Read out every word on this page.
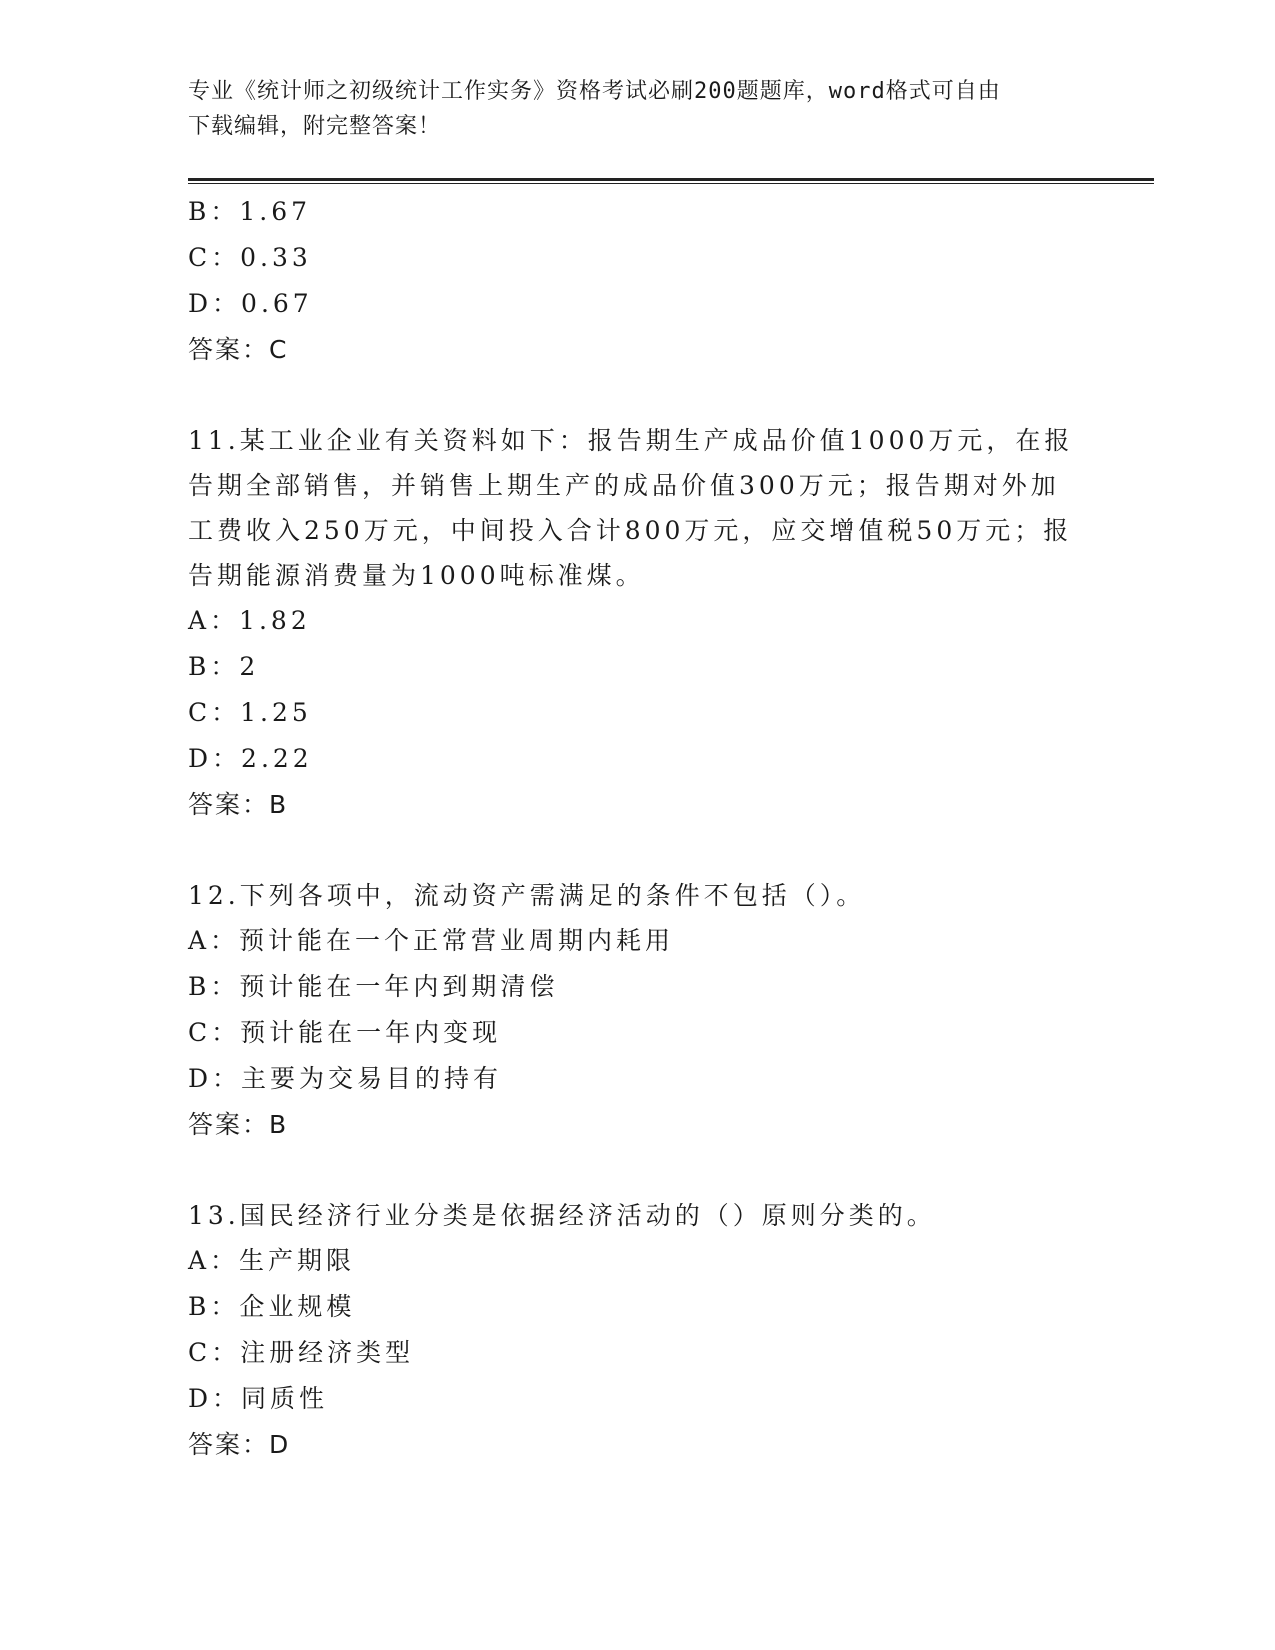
专业《统计师之初级统计工作实务》资格考试必刷200题题库，word格式可自由
下载编辑，附完整答案！
B：1.67
C：0.33
D：0.67
答案：C
11.某工业企业有关资料如下：报告期生产成品价值1000万元，在报
告期全部销售，并销售上期生产的成品价值300万元；报告期对外加
工费收入250万元，中间投入合计800万元，应交增值税50万元；报
告期能源消费量为1000吨标准煤。
A：1.82
B：2
C：1.25
D：2.22
答案：B
12.下列各项中，流动资产需满足的条件不包括（）。
A：预计能在一个正常营业周期内耗用
B：预计能在一年内到期清偿
C：预计能在一年内变现
D：主要为交易目的持有
答案：B
13.国民经济行业分类是依据经济活动的（）原则分类的。
A：生产期限
B：企业规模
C：注册经济类型
D：同质性
答案：D
